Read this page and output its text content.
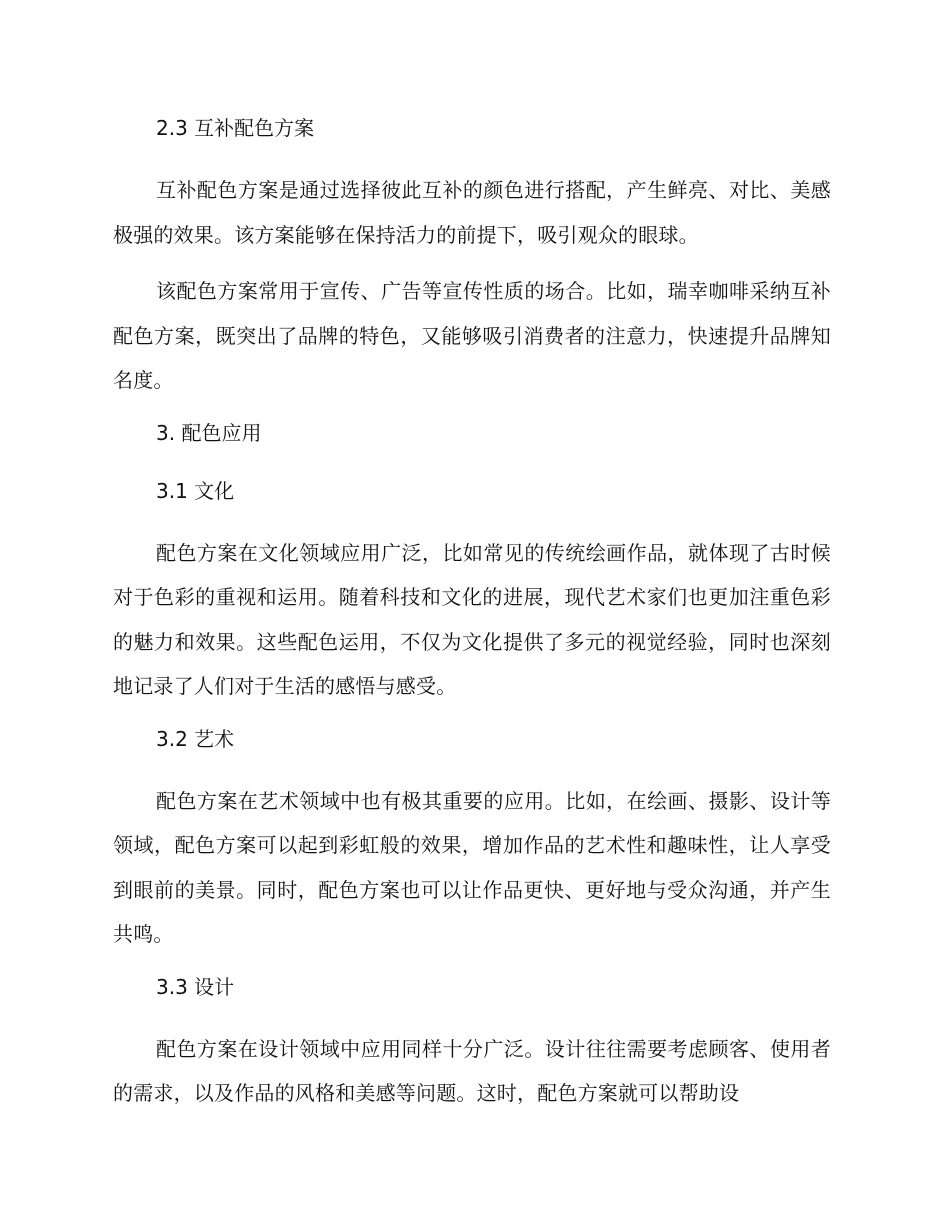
2.3 互补配色方案

互补配色方案是通过选择彼此互补的颜色进行搭配，产生鲜亮、对比、美感极强的效果。该方案能够在保持活力的前提下，吸引观众的眼球。

该配色方案常用于宣传、广告等宣传性质的场合。比如，瑞幸咖啡采纳互补配色方案，既突出了品牌的特色，又能够吸引消费者的注意力，快速提升品牌知名度。

3. 配色应用
3.1 文化

配色方案在文化领域应用广泛，比如常见的传统绘画作品，就体现了古时候对于色彩的重视和运用。随着科技和文化的进展，现代艺术家们也更加注重色彩的魅力和效果。这些配色运用，不仅为文化提供了多元的视觉经验，同时也深刻地记录了人们对于生活的感悟与感受。

3.2 艺术

配色方案在艺术领域中也有极其重要的应用。比如，在绘画、摄影、设计等领域，配色方案可以起到彩虹般的效果，增加作品的艺术性和趣味性，让人享受到眼前的美景。同时，配色方案也可以让作品更快、更好地与受众沟通，并产生共鸣。

3.3 设计

配色方案在设计领域中应用同样十分广泛。设计往往需要考虑顾客、使用者的需求，以及作品的风格和美感等问题。这时，配色方案就可以帮助设
